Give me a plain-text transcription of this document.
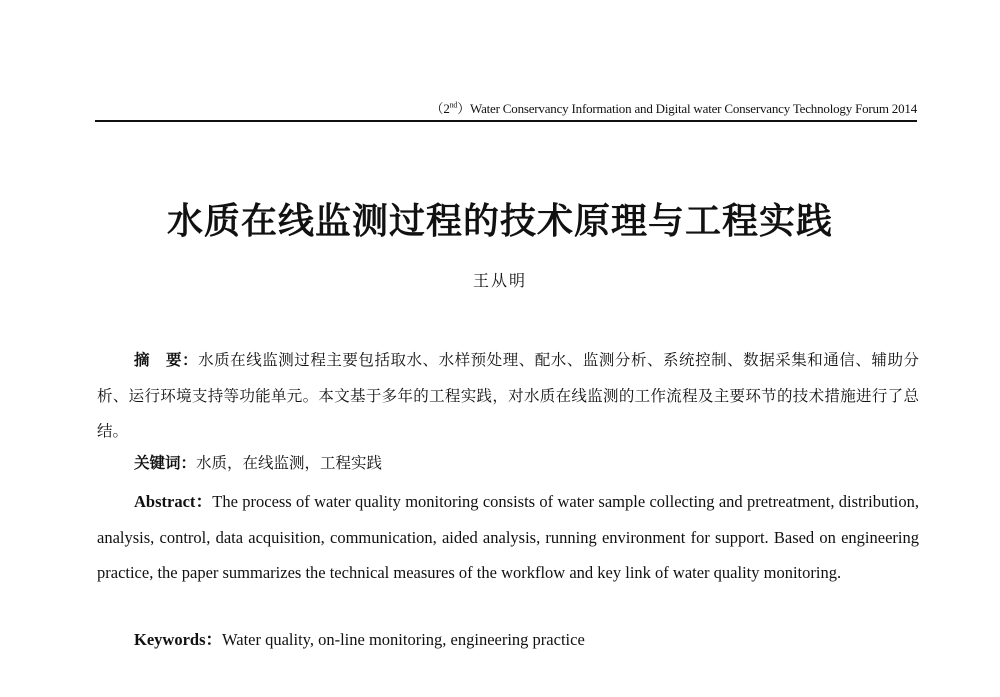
（2nd）Water Conservancy Information and Digital water Conservancy Technology Forum 2014
水质在线监测过程的技术原理与工程实践
王从明

摘　要：水质在线监测过程主要包括取水、水样预处理、配水、监测分析、系统控制、数据采集和通信、辅助分析、运行环境支持等功能单元。本文基于多年的工程实践，对水质在线监测的工作流程及主要环节的技术措施进行了总结。

关键词：水质，在线监测，工程实践

Abstract：The process of water quality monitoring consists of water sample collecting and pretreatment, distribution, analysis, control, data acquisition, communication, aided analysis, running environment for support. Based on engineering practice, the paper summarizes the technical measures of the workflow and key link of water quality monitoring.

Keywords：Water quality, on-line monitoring, engineering practice
